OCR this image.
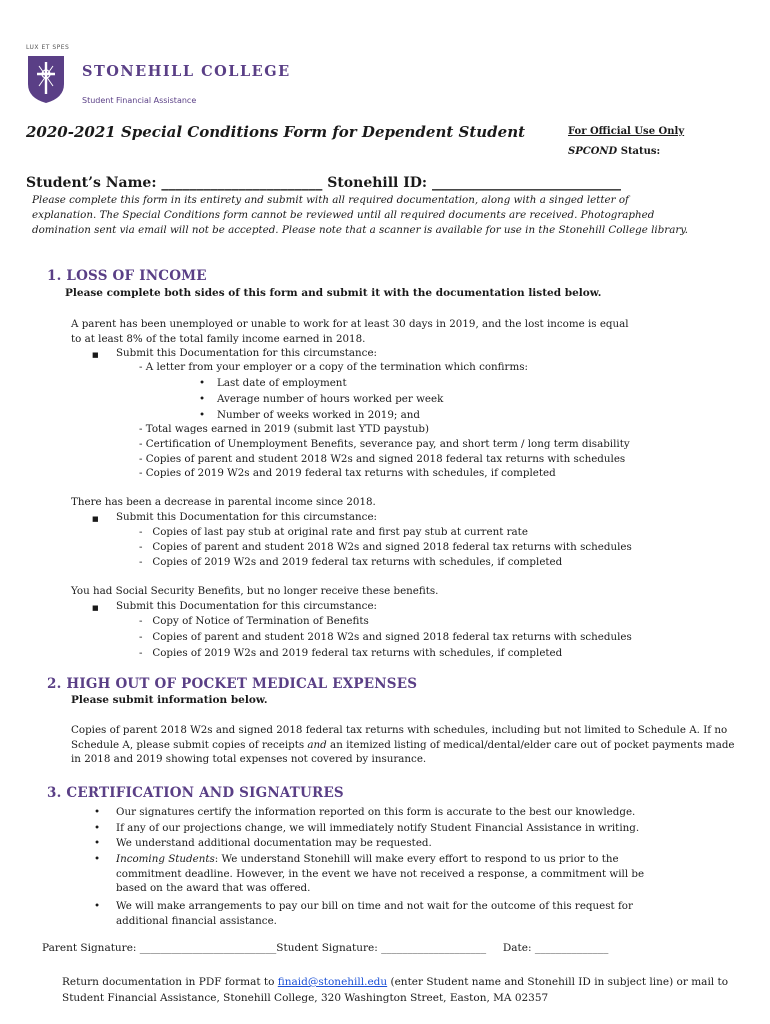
LUX ET SPES
STONEHILL COLLEGE
Student Financial Assistance
2020-2021 Special Conditions Form for Dependent Student	For Official Use Only
SPCOND Status:
Student’s Name: _______________________ Stonehill ID: ___________________________
Please complete this form in its entirety and submit with all required documentation, along with a singed letter of explanation. The Special Conditions form cannot be reviewed until all required documents are received. Photographed domination sent via email will not be accepted. Please note that a scanner is available for use in the Stonehill College library.
1. LOSS OF INCOME
Please complete both sides of this form and submit it with the documentation listed below.
A parent has been unemployed or unable to work for at least 30 days in 2019, and the lost income is equal to at least 8% of the total family income earned in 2018.
■ Submit this Documentation for this circumstance:
- A letter from your employer or a copy of the termination which confirms:
• Last date of employment
• Average number of hours worked per week
• Number of weeks worked in 2019; and
- Total wages earned in 2019 (submit last YTD paystub)
- Certification of Unemployment Benefits, severance pay, and short term / long term disability
- Copies of parent and student 2018 W2s and signed 2018 federal tax returns with schedules
- Copies of 2019 W2s and 2019 federal tax returns with schedules, if completed
There has been a decrease in parental income since 2018.
■ Submit this Documentation for this circumstance:
- Copies of last pay stub at original rate and first pay stub at current rate
- Copies of parent and student 2018 W2s and signed 2018 federal tax returns with schedules
- Copies of 2019 W2s and 2019 federal tax returns with schedules, if completed
You had Social Security Benefits, but no longer receive these benefits.
■ Submit this Documentation for this circumstance:
- Copy of Notice of Termination of Benefits
- Copies of parent and student 2018 W2s and signed 2018 federal tax returns with schedules
- Copies of 2019 W2s and 2019 federal tax returns with schedules, if completed
2. HIGH OUT OF POCKET MEDICAL EXPENSES
Please submit information below.
Copies of parent 2018 W2s and signed 2018 federal tax returns with schedules, including but not limited to Schedule A. If no Schedule A, please submit copies of receipts and an itemized listing of medical/dental/elder care out of pocket payments made in 2018 and 2019 showing total expenses not covered by insurance.
3. CERTIFICATION AND SIGNATURES
• Our signatures certify the information reported on this form is accurate to the best our knowledge.
• If any of our projections change, we will immediately notify Student Financial Assistance in writing.
• We understand additional documentation may be requested.
• Incoming Students: We understand Stonehill will make every effort to respond to us prior to the commitment deadline. However, in the event we have not received a response, a commitment will be based on the award that was offered.
• We will make arrangements to pay our bill on time and not wait for the outcome of this request for additional financial assistance.
Parent Signature: __________________________Student Signature: ____________________ Date: ______________
Return documentation in PDF format to finaid@stonehill.edu (enter Student name and Stonehill ID in subject line) or mail to Student Financial Assistance, Stonehill College, 320 Washington Street, Easton, MA 02357
